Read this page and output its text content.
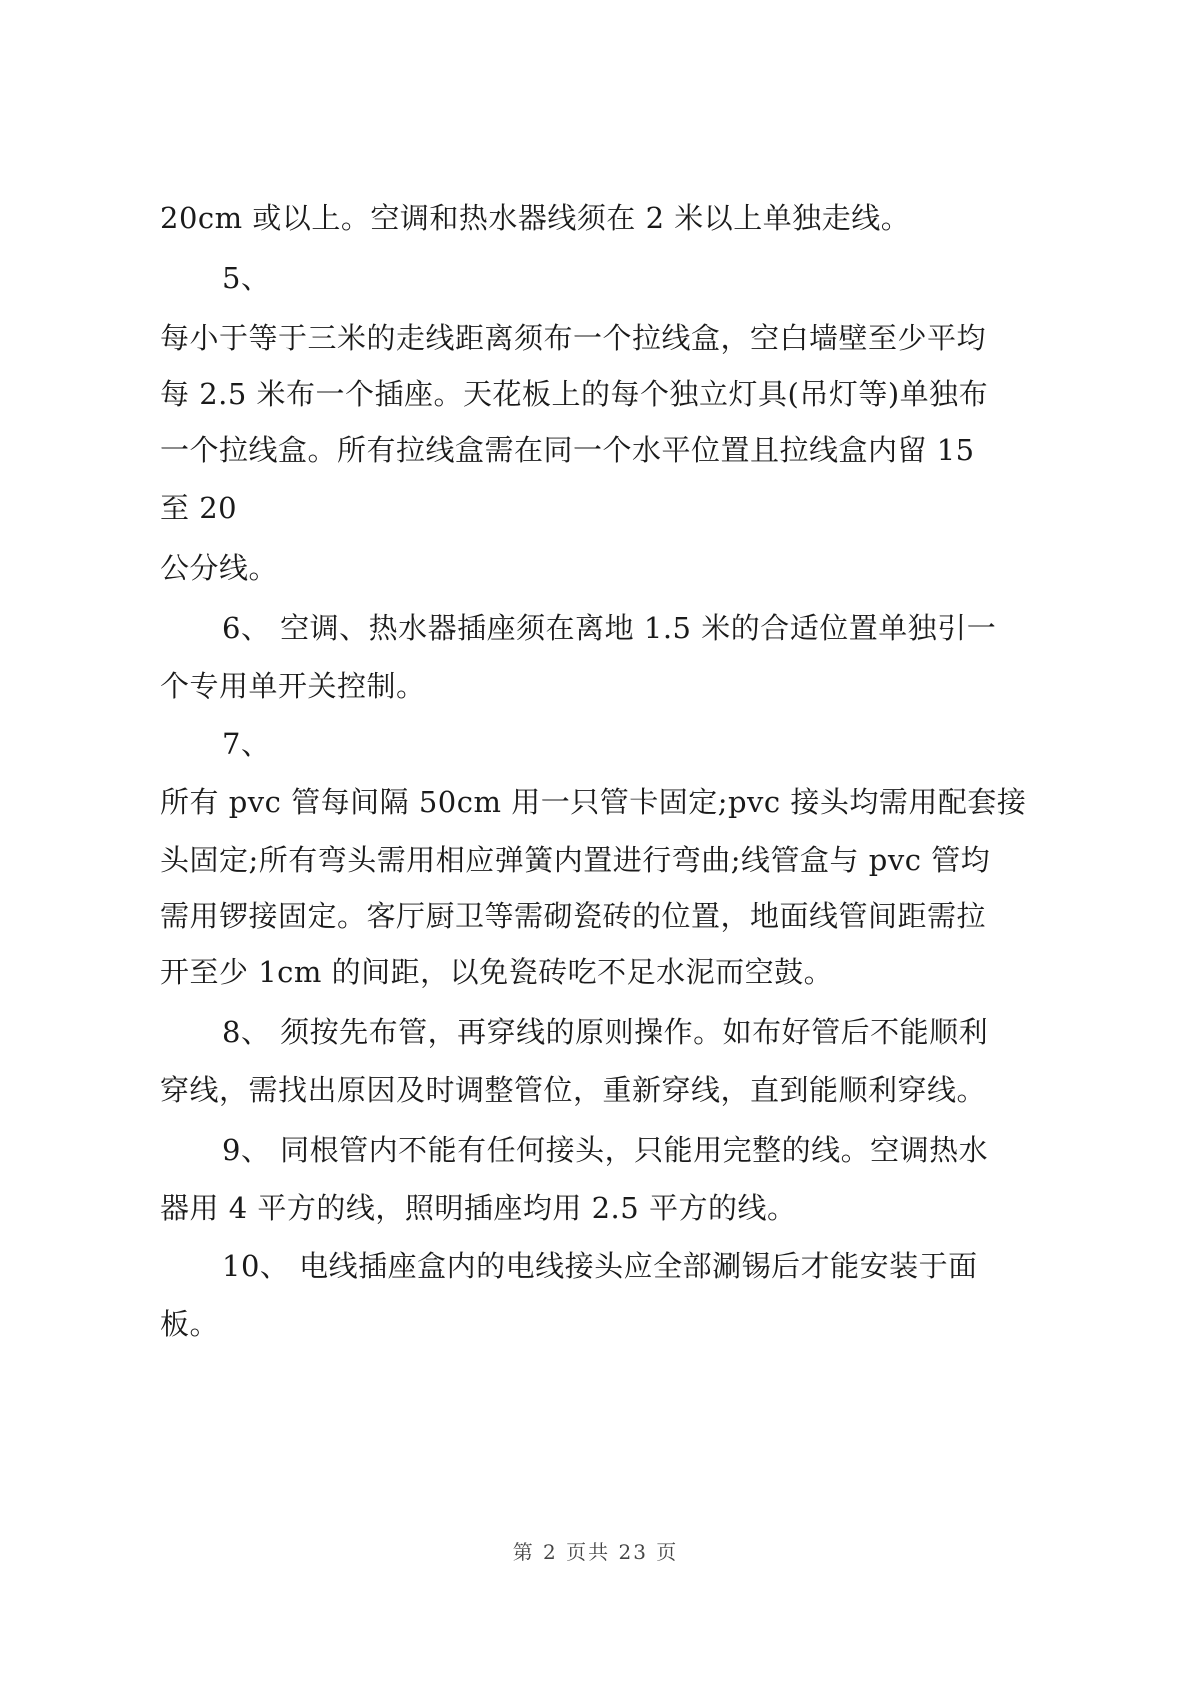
20cm 或以上。空调和热水器线须在 2 米以上单独走线。
5、
每小于等于三米的走线距离须布一个拉线盒，空白墙壁至少平均
每 2.5 米布一个插座。天花板上的每个独立灯具(吊灯等)单独布
一个拉线盒。所有拉线盒需在同一个水平位置且拉线盒内留 15
至 20
公分线。
6、 空调、热水器插座须在离地 1.5 米的合适位置单独引一
个专用单开关控制。
7、
所有 pvc 管每间隔 50cm 用一只管卡固定;pvc 接头均需用配套接
头固定;所有弯头需用相应弹簧内置进行弯曲;线管盒与 pvc 管均
需用锣接固定。客厅厨卫等需砌瓷砖的位置，地面线管间距需拉
开至少 1cm 的间距，以免瓷砖吃不足水泥而空鼓。
8、 须按先布管，再穿线的原则操作。如布好管后不能顺利
穿线，需找出原因及时调整管位，重新穿线，直到能顺利穿线。
9、 同根管内不能有任何接头，只能用完整的线。空调热水
器用 4 平方的线，照明插座均用 2.5 平方的线。
10、 电线插座盒内的电线接头应全部涮锡后才能安装于面
板。
第 2 页共 23 页
